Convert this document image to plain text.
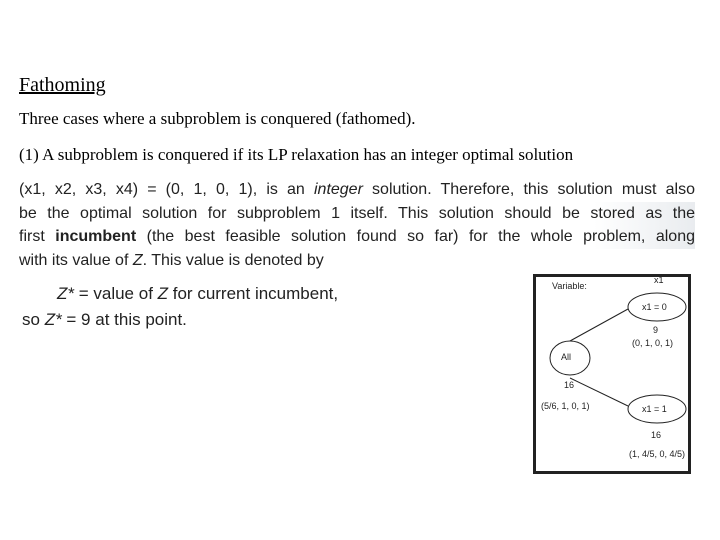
Fathoming
Three cases where a subproblem is conquered (fathomed).
(1) A subproblem is conquered if its LP relaxation has an integer optimal solution
(x1, x2, x3, x4) = (0, 1, 0, 1), is an integer solution. Therefore, this solution must also
be the optimal solution for subproblem 1 itself. This solution should be stored as the
first incumbent (the best feasible solution found so far) for the whole problem, along
with its value of Z. This value is denoted by
Z* = value of Z for current incumbent,
so Z* = 9 at this point.
Variable:
x1
All
16
(5/6, 1, 0, 1)
x1 = 0
9
(0, 1, 0, 1)
x1 = 1
16
(1, 4/5, 0, 4/5)
